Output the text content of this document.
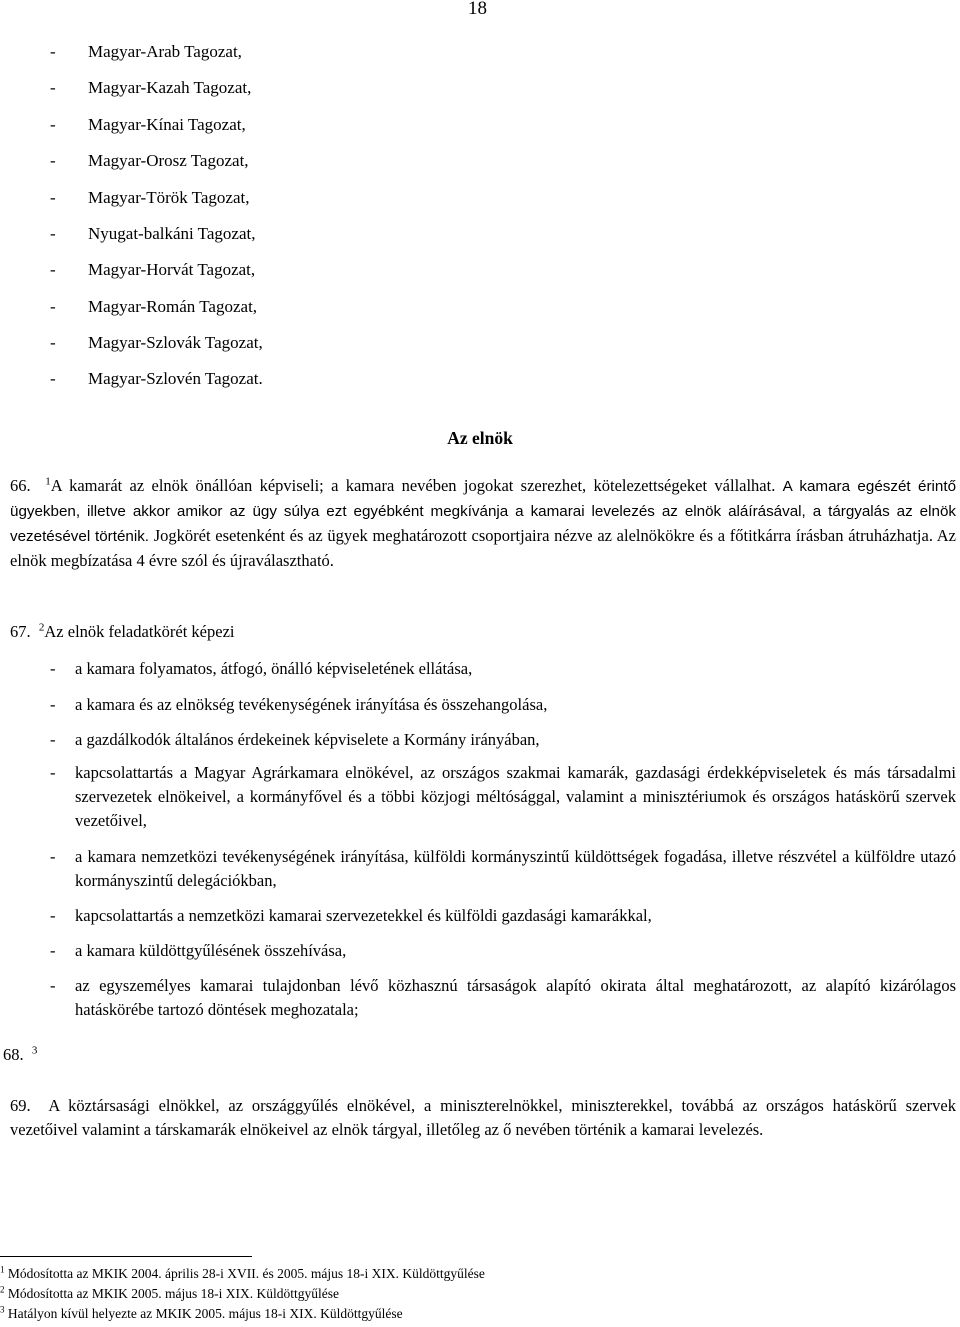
18
- Magyar-Arab Tagozat,
- Magyar-Kazah Tagozat,
- Magyar-Kínai Tagozat,
- Magyar-Orosz Tagozat,
- Magyar-Török Tagozat,
- Nyugat-balkáni Tagozat,
- Magyar-Horvát Tagozat,
- Magyar-Román Tagozat,
- Magyar-Szlovák Tagozat,
- Magyar-Szlovén Tagozat.
Az elnök
66. $^1$A kamarát az elnök önállóan képviseli; a kamara nevében jogokat szerezhet, kötelezettségeket vállalhat. A kamara egészét érintő ügyekben, illetve akkor amikor az ügy súlya ezt egyébként megkívánja a kamarai levelezés az elnök aláírásával, a tárgyalás az elnök vezetésével történik. Jogkörét esetenként és az ügyek meghatározott csoportjaira nézve az alelnökökre és a főtitkárra írásban átruházhatja. Az elnök megbízatása 4 évre szól és újraválasztható.
67. $^2$Az elnök feladatkörét képezi
- a kamara folyamatos, átfogó, önálló képviseletének ellátása,
- a kamara és az elnökség tevékenységének irányítása és összehangolása,
- a gazdálkodók általános érdekeinek képviselete a Kormány irányában,
- kapcsolattartás a Magyar Agrárkamara elnökével, az országos szakmai kamarák, gazdasági érdekképviseletek és más társadalmi szervezetek elnökeivel, a kormányfővel és a többi közjogi méltósággal, valamint a minisztériumok és országos hatáskörű szervek vezetőivel,
- a kamara nemzetközi tevékenységének irányítása, külföldi kormányszintű küldöttségek fogadása, illetve részvétel a külföldre utazó kormányszintű delegációkban,
- kapcsolattartás a nemzetközi kamarai szervezetekkel és külföldi gazdasági kamarákkal,
- a kamara küldöttgyűlésének összehívása,
- az egyszemélyes kamarai tulajdonban lévő közhasznú társaságok alapító okirata által meghatározott, az alapító kizárólagos hatáskörébe tartozó döntések meghozatala;
68. $^3$
69. A köztársasági elnökkel, az országgyűlés elnökével, a miniszterelnökkel, miniszterekkel, továbbá az országos hatáskörű szervek vezetőivel valamint a társkamarák elnökeivel az elnök tárgyal, illetőleg az ő nevében történik a kamarai levelezés.
$^1$ Módosította az MKIK 2004. április 28-i XVII. és 2005. május 18-i XIX. Küldöttgyűlése
$^2$ Módosította az MKIK 2005. május 18-i XIX. Küldöttgyűlése
$^3$ Hatályon kívül helyezte az MKIK 2005. május 18-i XIX. Küldöttgyűlése
